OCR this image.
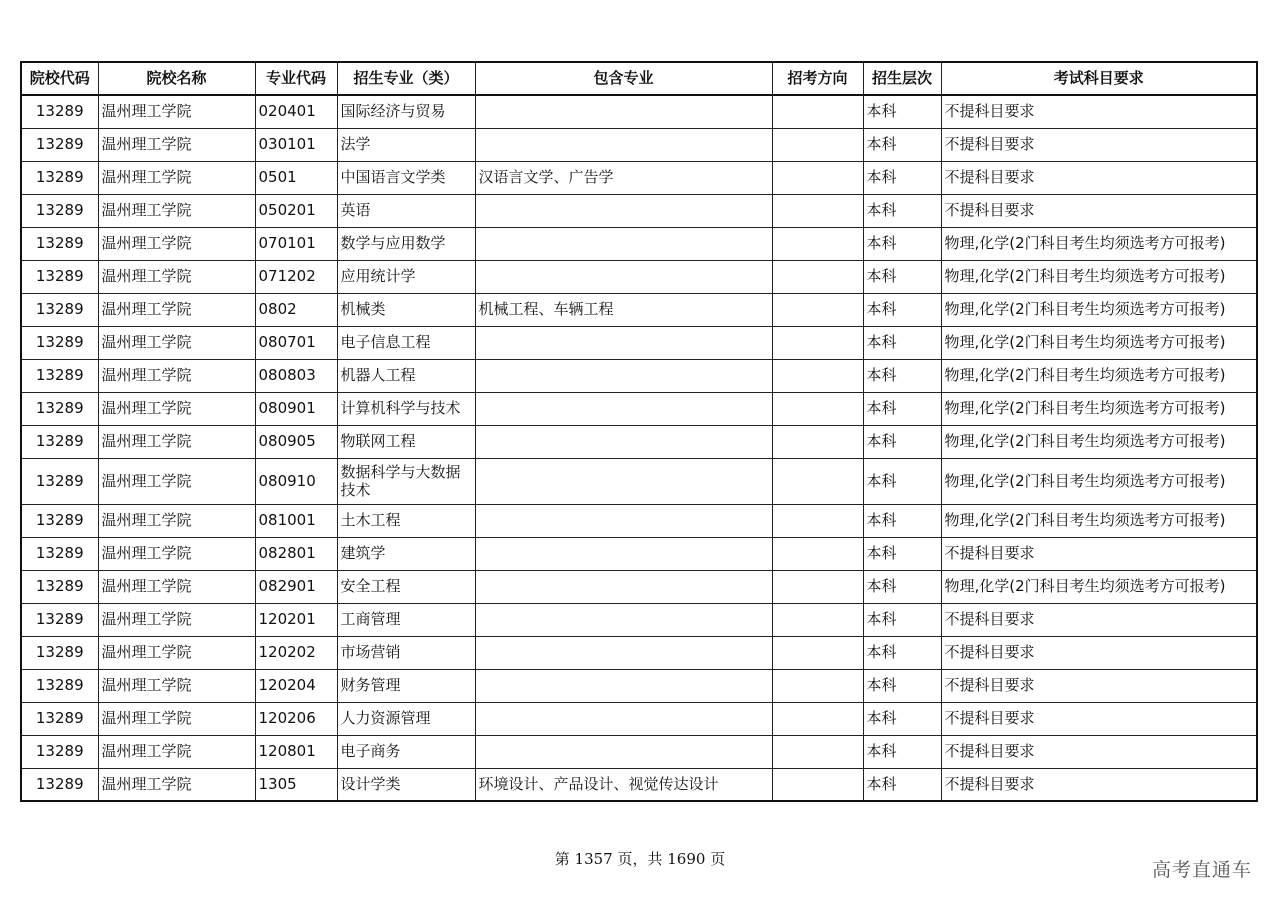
院校代码	院校名称	专业代码	招生专业（类）	包含专业	招考方向	招生层次	考试科目要求
13289	温州理工学院	020401	国际经济与贸易			本科	不提科目要求
13289	温州理工学院	030101	法学			本科	不提科目要求
13289	温州理工学院	0501	中国语言文学类	汉语言文学、广告学		本科	不提科目要求
13289	温州理工学院	050201	英语			本科	不提科目要求
13289	温州理工学院	070101	数学与应用数学			本科	物理,化学(2门科目考生均须选考方可报考)
13289	温州理工学院	071202	应用统计学			本科	物理,化学(2门科目考生均须选考方可报考)
13289	温州理工学院	0802	机械类	机械工程、车辆工程		本科	物理,化学(2门科目考生均须选考方可报考)
13289	温州理工学院	080701	电子信息工程			本科	物理,化学(2门科目考生均须选考方可报考)
13289	温州理工学院	080803	机器人工程			本科	物理,化学(2门科目考生均须选考方可报考)
13289	温州理工学院	080901	计算机科学与技术			本科	物理,化学(2门科目考生均须选考方可报考)
13289	温州理工学院	080905	物联网工程			本科	物理,化学(2门科目考生均须选考方可报考)
13289	温州理工学院	080910	数据科学与大数据技术			本科	物理,化学(2门科目考生均须选考方可报考)
13289	温州理工学院	081001	土木工程			本科	物理,化学(2门科目考生均须选考方可报考)
13289	温州理工学院	082801	建筑学			本科	不提科目要求
13289	温州理工学院	082901	安全工程			本科	物理,化学(2门科目考生均须选考方可报考)
13289	温州理工学院	120201	工商管理			本科	不提科目要求
13289	温州理工学院	120202	市场营销			本科	不提科目要求
13289	温州理工学院	120204	财务管理			本科	不提科目要求
13289	温州理工学院	120206	人力资源管理			本科	不提科目要求
13289	温州理工学院	120801	电子商务			本科	不提科目要求
13289	温州理工学院	1305	设计学类	环境设计、产品设计、视觉传达设计		本科	不提科目要求
第 1357 页，共 1690 页	高考直通车
